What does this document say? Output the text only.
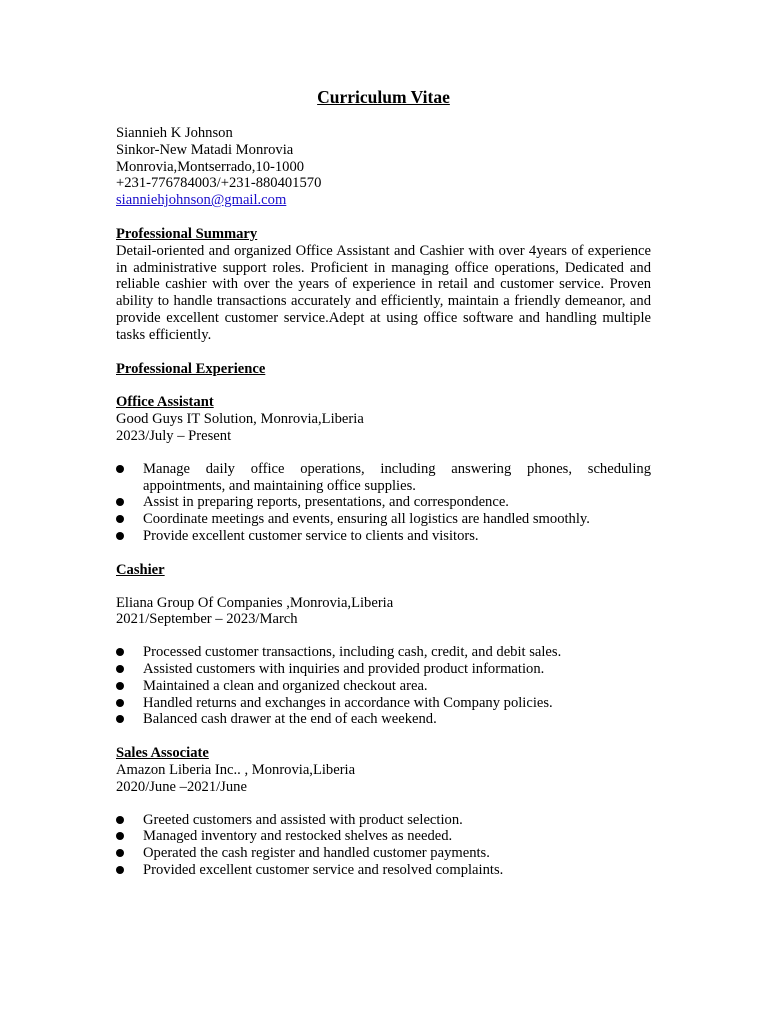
Curriculum Vitae
Siannieh K Johnson
Sinkor-New Matadi Monrovia
Monrovia,Montserrado,10-1000
+231-776784003/+231-880401570
sianniehjohnson@gmail.com
Professional Summary

Detail-oriented and organized Office Assistant and Cashier with over 4years of experience in administrative support roles. Proficient in managing office operations, Dedicated and reliable cashier with over the years of experience in retail and customer service. Proven ability to handle transactions accurately and efficiently, maintain a friendly demeanor, and provide excellent customer service.Adept at using office software and handling multiple tasks efficiently.

Professional Experience
Office Assistant
Good Guys IT Solution, Monrovia,Liberia
2023/July – Present
Manage daily office operations, including answering phones, scheduling appointments, and maintaining office supplies.
Assist in preparing reports, presentations, and correspondence.
Coordinate meetings and events, ensuring all logistics are handled smoothly.
Provide excellent customer service to clients and visitors.
Cashier
Eliana Group Of Companies ,Monrovia,Liberia
2021/September – 2023/March
Processed customer transactions, including cash, credit, and debit sales.
Assisted customers with inquiries and provided product information.
Maintained a clean and organized checkout area.
Handled returns and exchanges in accordance with Company policies.
Balanced cash drawer at the end of each weekend.
Sales Associate
Amazon Liberia Inc.. , Monrovia,Liberia
2020/June –2021/June
Greeted customers and assisted with product selection.
Managed inventory and restocked shelves as needed.
Operated the cash register and handled customer payments.
Provided excellent customer service and resolved complaints.
